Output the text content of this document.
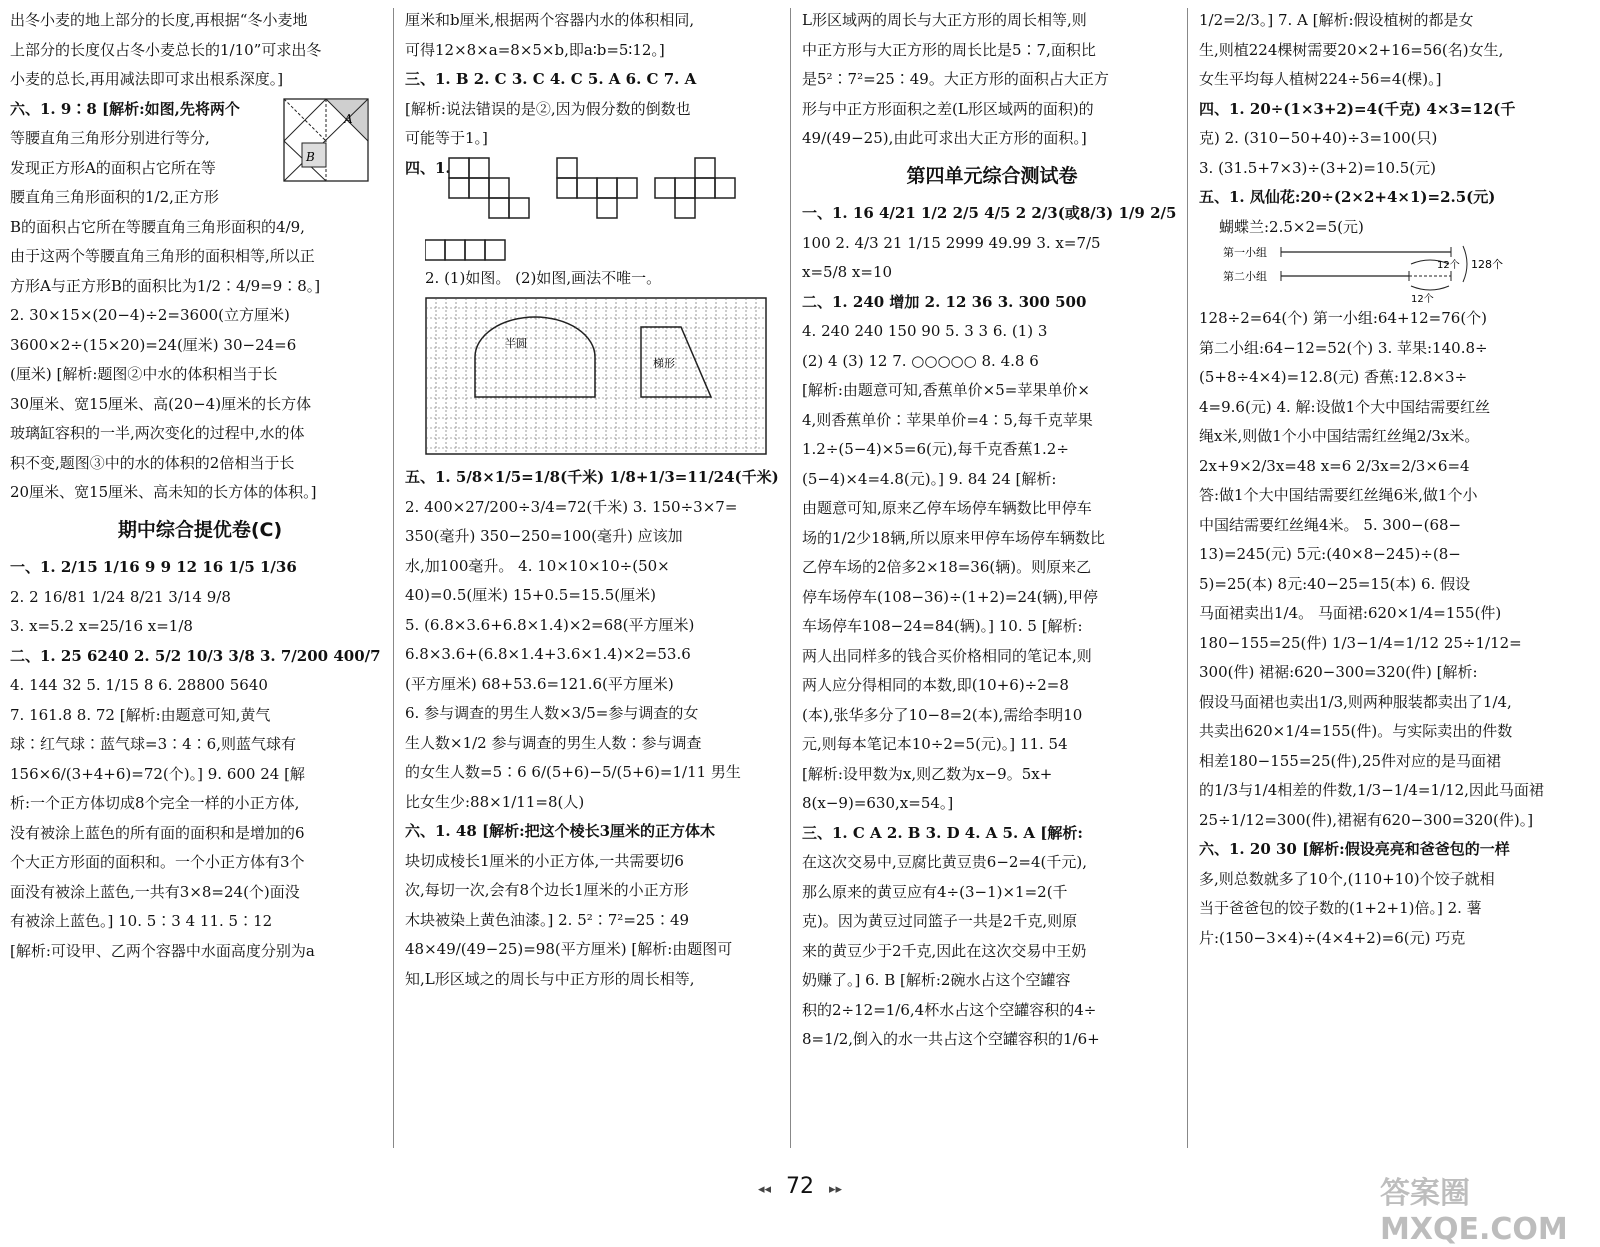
出冬小麦的地上部分的长度,再根据“冬小麦地
上部分的长度仅占冬小麦总长的1/10”可求出冬
小麦的总长,再用减法即可求出根系深度。]
六、1. 9∶8 [解析:如图,先将两个
等腰直角三角形分别进行等分,
发现正方形A的面积占它所在等
腰直角三角形面积的1/2,正方形
A
B
B的面积占它所在等腰直角三角形面积的4/9,
由于这两个等腰直角三角形的面积相等,所以正
方形A与正方形B的面积比为1/2∶4/9=9∶8。]
2. 30×15×(20−4)÷2=3600(立方厘米)
3600×2÷(15×20)=24(厘米) 30−24=6
(厘米) [解析:题图②中水的体积相当于长
30厘米、宽15厘米、高(20−4)厘米的长方体
玻璃缸容积的一半,两次变化的过程中,水的体
积不变,题图③中的水的体积的2倍相当于长
20厘米、宽15厘米、高未知的长方体的体积。]
期中综合提优卷(C)
一、1. 2/15 1/16 9 9 12 16 1/5 1/36
2. 2 16/81 1/24 8/21 3/14 9/8
3. x=5.2 x=25/16 x=1/8
二、1. 25 6240 2. 5/2 10/3 3/8 3. 7/200 400/7
4. 144 32 5. 1/15 8 6. 28800 5640
7. 161.8 8. 72 [解析:由题意可知,黄气
球∶红气球∶蓝气球=3∶4∶6,则蓝气球有
156×6/(3+4+6)=72(个)。] 9. 600 24 [解
析:一个正方体切成8个完全一样的小正方体,
没有被涂上蓝色的所有面的面积和是增加的6
个大正方形面的面积和。一个小正方体有3个
面没有被涂上蓝色,一共有3×8=24(个)面没
有被涂上蓝色。] 10. 5∶3 4 11. 5∶12
[解析:可设甲、乙两个容器中水面高度分别为a
厘米和b厘米,根据两个容器内水的体积相同,
可得12×8×a=8×5×b,即a∶b=5∶12。]
三、1. B 2. C 3. C 4. C 5. A 6. C 7. A
[解析:说法错误的是②,因为假分数的倒数也
可能等于1。]
四、1.
2. (1)如图。 (2)如图,画法不唯一。
半圆
梯形
五、1. 5/8×1/5=1/8(千米) 1/8+1/3=11/24(千米)
2. 400×27/200÷3/4=72(千米) 3. 150÷3×7=
350(毫升) 350−250=100(毫升) 应该加
水,加100毫升。 4. 10×10×10÷(50×
40)=0.5(厘米) 15+0.5=15.5(厘米)
5. (6.8×3.6+6.8×1.4)×2=68(平方厘米)
6.8×3.6+(6.8×1.4+3.6×1.4)×2=53.6
(平方厘米) 68+53.6=121.6(平方厘米)
6. 参与调查的男生人数×3/5=参与调查的女
生人数×1/2 参与调查的男生人数∶参与调查
的女生人数=5∶6 6/(5+6)−5/(5+6)=1/11 男生
比女生少:88×1/11=8(人)
六、1. 48 [解析:把这个棱长3厘米的正方体木
块切成棱长1厘米的小正方体,一共需要切6
次,每切一次,会有8个边长1厘米的小正方形
木块被染上黄色油漆。] 2. 5²∶7²=25∶49
48×49/(49−25)=98(平方厘米) [解析:由题图可
知,L形区域之的周长与中正方形的周长相等,
L形区域两的周长与大正方形的周长相等,则
中正方形与大正方形的周长比是5∶7,面积比
是5²∶7²=25∶49。大正方形的面积占大正方
形与中正方形面积之差(L形区域两的面积)的
49/(49−25),由此可求出大正方形的面积。]
第四单元综合测试卷
一、1. 16 4/21 1/2 2/5 4/5 2 2/3(或8/3) 1/9 2/5
100 2. 4/3 21 1/15 2999 49.99 3. x=7/5
x=5/8 x=10
二、1. 240 增加 2. 12 36 3. 300 500
4. 240 240 150 90 5. 3 3 6. (1) 3
(2) 4 (3) 12 7. ○○○○○ 8. 4.8 6
[解析:由题意可知,香蕉单价×5=苹果单价×
4,则香蕉单价∶苹果单价=4∶5,每千克苹果
1.2÷(5−4)×5=6(元),每千克香蕉1.2÷
(5−4)×4=4.8(元)。] 9. 84 24 [解析:
由题意可知,原来乙停车场停车辆数比甲停车
场的1/2少18辆,所以原来甲停车场停车辆数比
乙停车场的2倍多2×18=36(辆)。则原来乙
停车场停车(108−36)÷(1+2)=24(辆),甲停
车场停车108−24=84(辆)。] 10. 5 [解析:
两人出同样多的钱合买价格相同的笔记本,则
两人应分得相同的本数,即(10+6)÷2=8
(本),张华多分了10−8=2(本),需给李明10
元,则每本笔记本10÷2=5(元)。] 11. 54
[解析:设甲数为x,则乙数为x−9。5x+
8(x−9)=630,x=54。]
三、1. C A 2. B 3. D 4. A 5. A [解析:
在这次交易中,豆腐比黄豆贵6−2=4(千元),
那么原来的黄豆应有4÷(3−1)×1=2(千
克)。因为黄豆过同篮子一共是2千克,则原
来的黄豆少于2千克,因此在这次交易中王奶
奶赚了。] 6. B [解析:2碗水占这个空罐容
积的2÷12=1/6,4杯水占这个空罐容积的4÷
8=1/2,倒入的水一共占这个空罐容积的1/6+
1/2=2/3。] 7. A [解析:假设植树的都是女
生,则植224棵树需要20×2+16=56(名)女生,
女生平均每人植树224÷56=4(棵)。]
四、1. 20÷(1×3+2)=4(千克) 4×3=12(千
克) 2. (310−50+40)÷3=100(只)
3. (31.5+7×3)÷(3+2)=10.5(元)
五、1. 凤仙花:20÷(2×2+4×1)=2.5(元)
蝴蝶兰:2.5×2=5(元)
第一小组
第二小组
12个
12个
128个
128÷2=64(个) 第一小组:64+12=76(个)
第二小组:64−12=52(个) 3. 苹果:140.8÷
(5+8÷4×4)=12.8(元) 香蕉:12.8×3÷
4=9.6(元) 4. 解:设做1个大中国结需要红丝
绳x米,则做1个小中国结需红丝绳2/3x米。
2x+9×2/3x=48 x=6 2/3x=2/3×6=4
答:做1个大中国结需要红丝绳6米,做1个小
中国结需要红丝绳4米。 5. 300−(68−
13)=245(元) 5元:(40×8−245)÷(8−
5)=25(本) 8元:40−25=15(本) 6. 假设
马面裙卖出1/4。 马面裙:620×1/4=155(件)
180−155=25(件) 1/3−1/4=1/12 25÷1/12=
300(件) 裙裾:620−300=320(件) [解析:
假设马面裙也卖出1/3,则两种服装都卖出了1/4,
共卖出620×1/4=155(件)。与实际卖出的件数
相差180−155=25(件),25件对应的是马面裙
的1/3与1/4相差的件数,1/3−1/4=1/12,因此马面裙
25÷1/12=300(件),裙裾有620−300=320(件)。]
六、1. 20 30 [解析:假设亮亮和爸爸包的一样
多,则总数就多了10个,(110+10)个饺子就相
当于爸爸包的饺子数的(1+2+1)倍。] 2. 薯
片:(150−3×4)÷(4×4+2)=6(元) 巧克
◂◂ 72 ▸▸	答案圈 MXQE.COM
